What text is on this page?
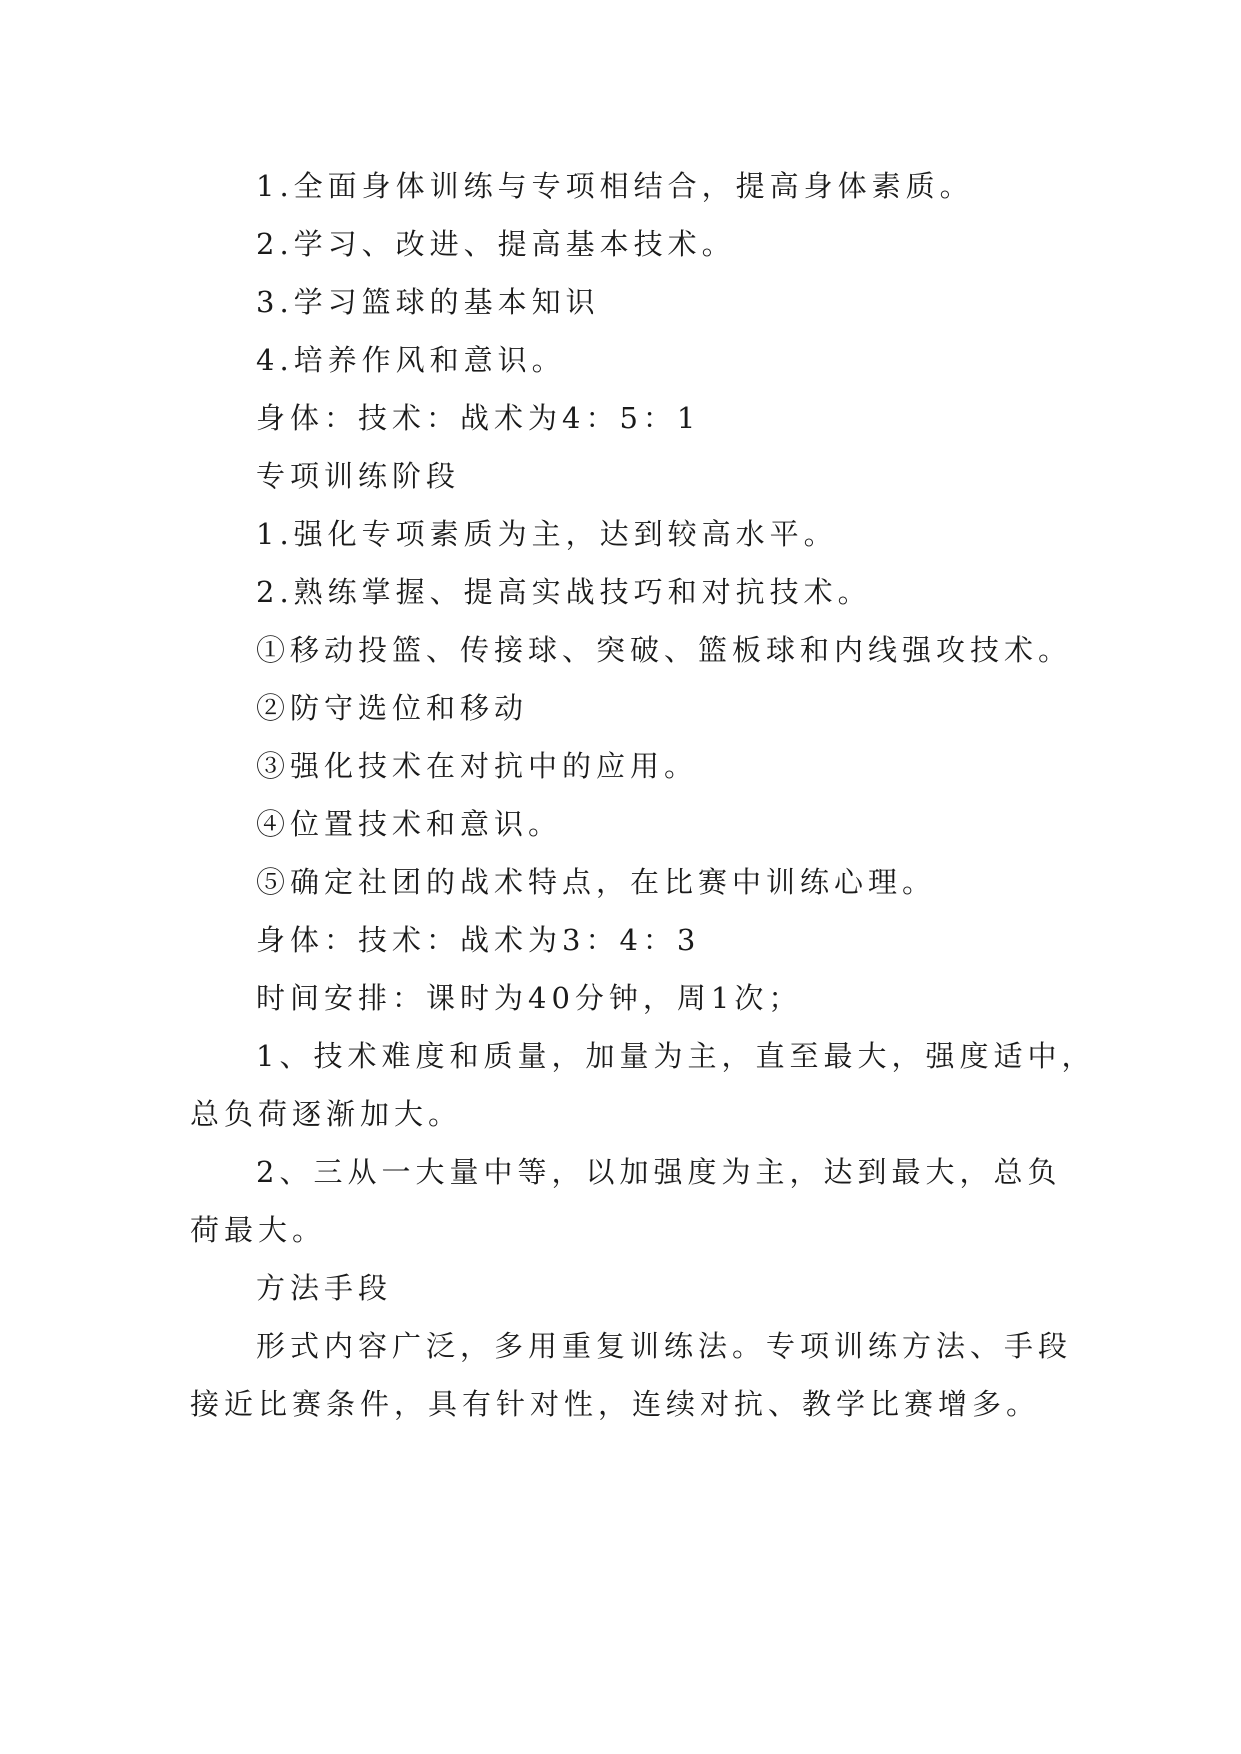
1.全面身体训练与专项相结合，提高身体素质。

2.学习、改进、提高基本技术。

3.学习篮球的基本知识

4.培养作风和意识。

身体：技术：战术为4：5：1

专项训练阶段

1.强化专项素质为主，达到较高水平。

2.熟练掌握、提高实战技巧和对抗技术。

①移动投篮、传接球、突破、篮板球和内线强攻技术。

②防守选位和移动

③强化技术在对抗中的应用。

④位置技术和意识。

⑤确定社团的战术特点，在比赛中训练心理。

身体：技术：战术为3：4：3

时间安排：课时为40分钟，周1次；

1、技术难度和质量，加量为主，直至最大，强度适中，

总负荷逐渐加大。

2、三从一大量中等，以加强度为主，达到最大，总负

荷最大。

方法手段

形式内容广泛，多用重复训练法。专项训练方法、手段

接近比赛条件，具有针对性，连续对抗、教学比赛增多。
